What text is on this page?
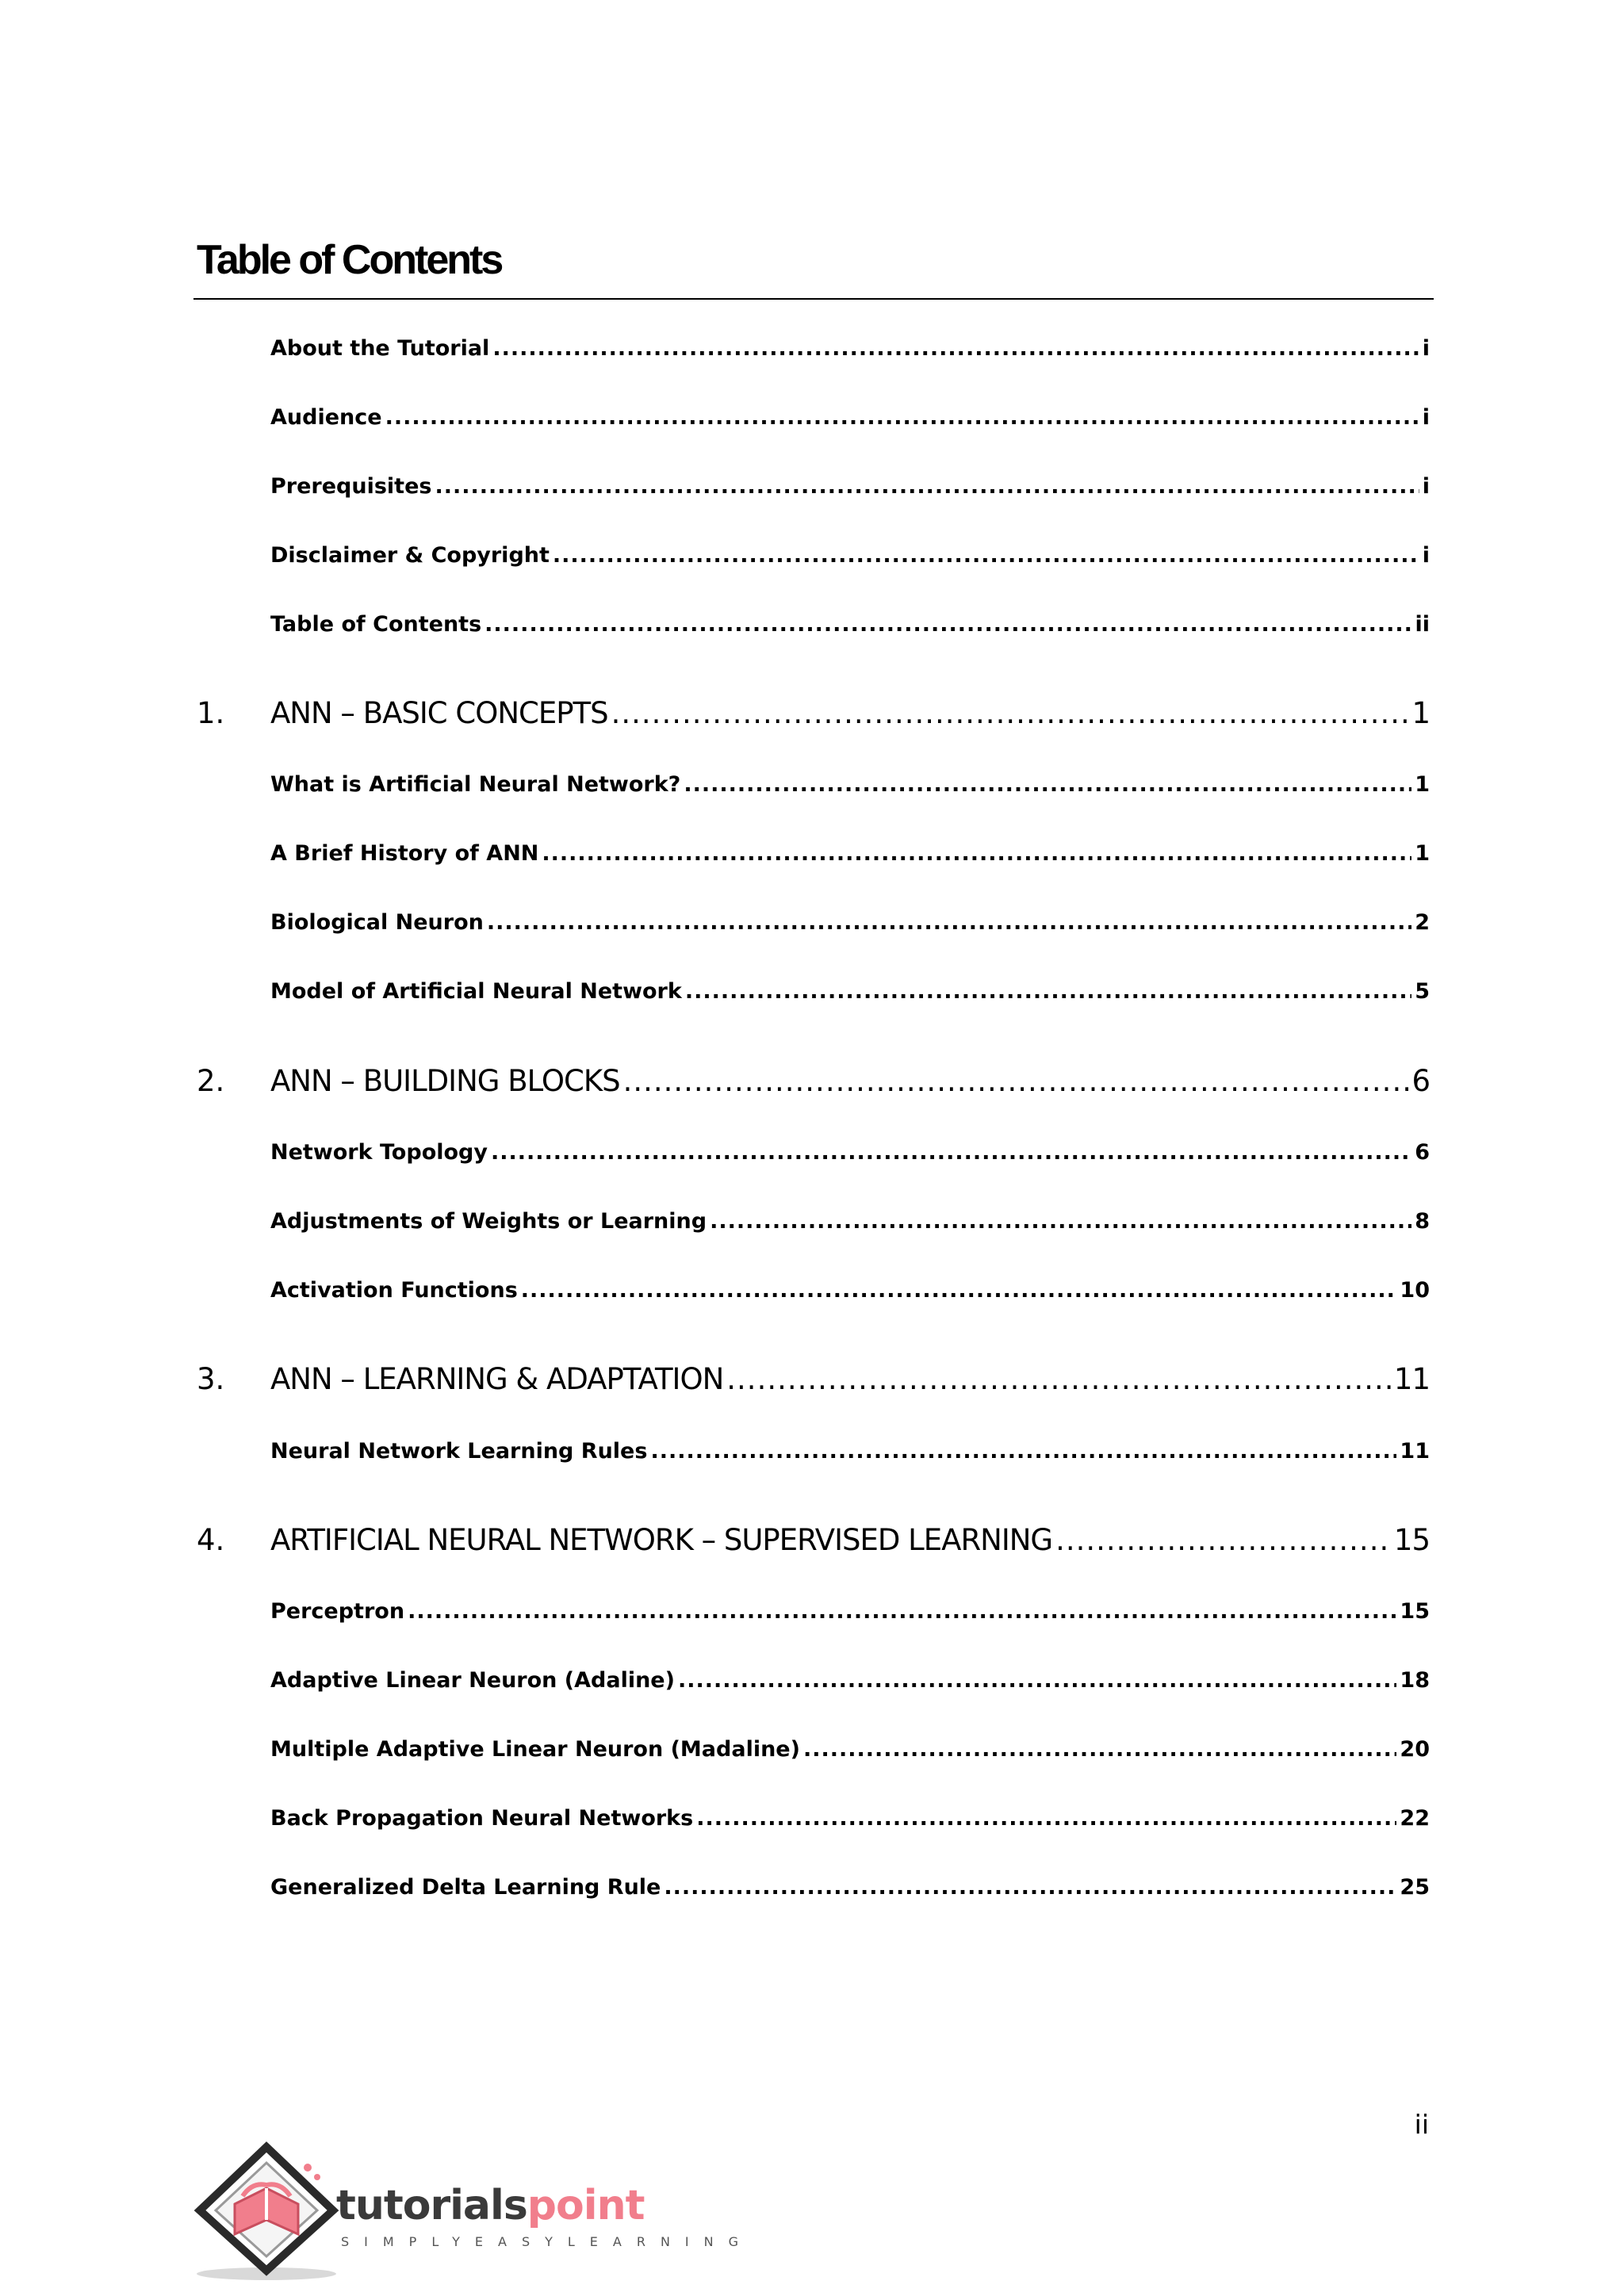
Table of Contents
About the Tutorial .....	i
Audience .....	i
Prerequisites .....	i
Disclaimer & Copyright .....	i
Table of Contents .....	ii
1. ANN – BASIC CONCEPTS .....	1
What is Artificial Neural Network? .....	1
A Brief History of ANN .....	1
Biological Neuron .....	2
Model of Artificial Neural Network .....	5
2. ANN – BUILDING BLOCKS .....	6
Network Topology .....	6
Adjustments of Weights or Learning .....	8
Activation Functions .....	10
3. ANN – LEARNING & ADAPTATION .....	11
Neural Network Learning Rules .....	11
4. ARTIFICIAL NEURAL NETWORK – SUPERVISED LEARNING .....	15
Perceptron .....	15
Adaptive Linear Neuron (Adaline) .....	18
Multiple Adaptive Linear Neuron (Madaline) .....	20
Back Propagation Neural Networks .....	22
Generalized Delta Learning Rule .....	25
ii
tutorialspoint
SIMPLYEASYLEARNING
